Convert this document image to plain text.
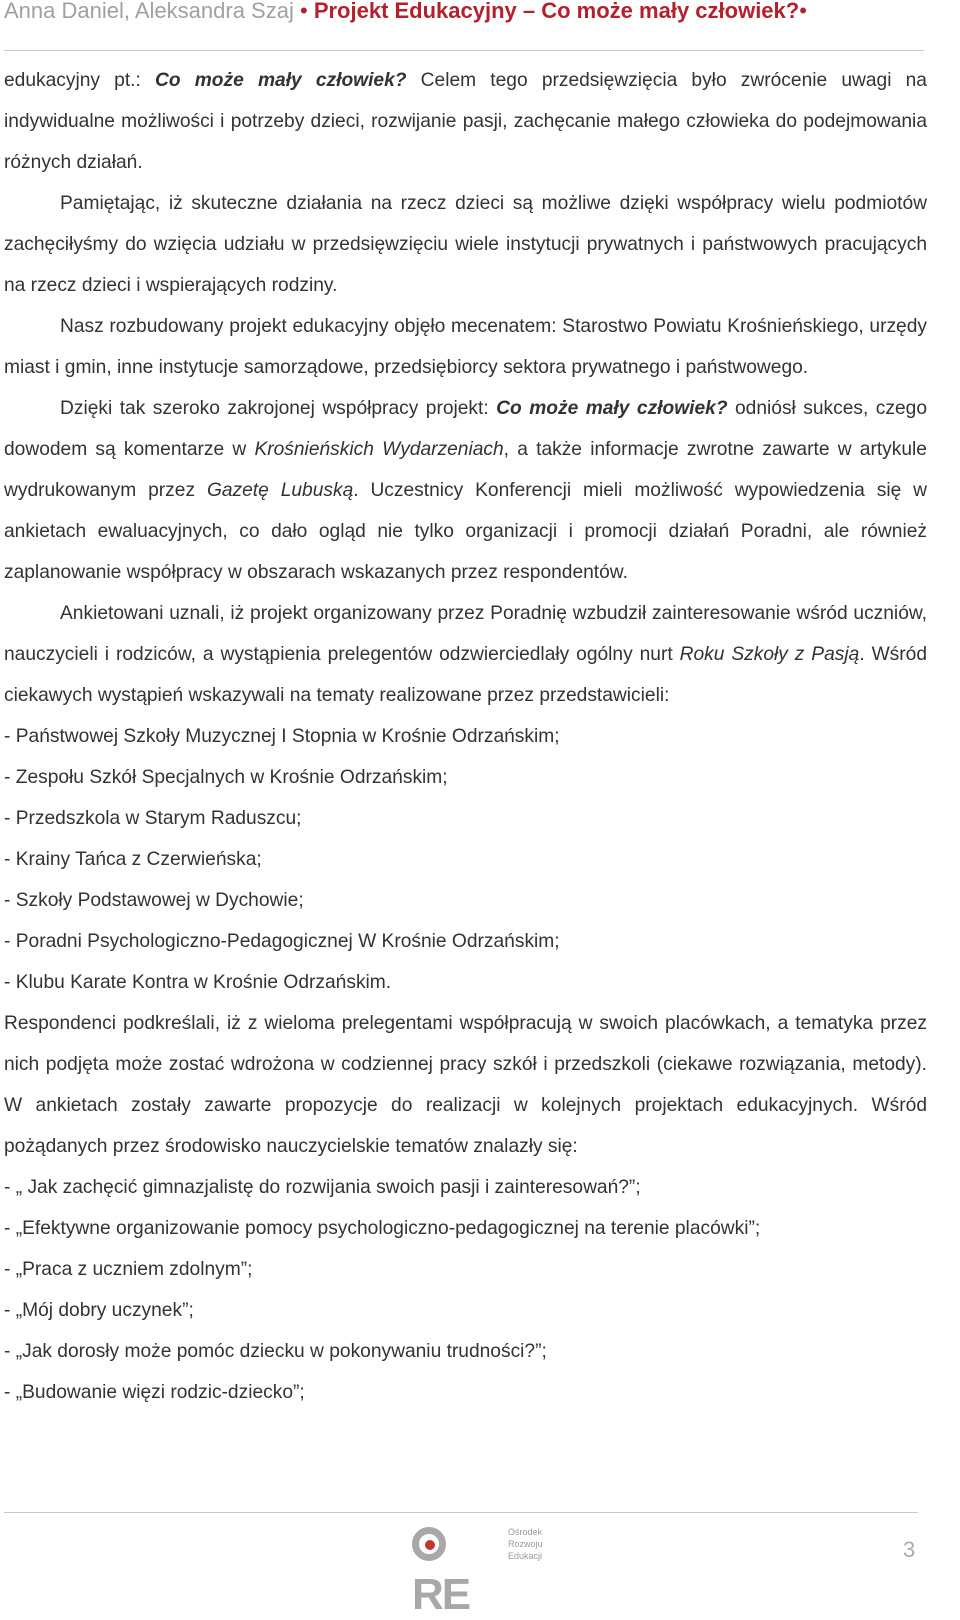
Anna Daniel, Aleksandra Szaj • Projekt Edukacyjny – Co może mały człowiek?•

edukacyjny pt.: Co może mały człowiek? Celem tego przedsięwzięcia było zwrócenie uwagi na indywidualne możliwości i potrzeby dzieci, rozwijanie pasji, zachęcanie małego człowieka do podejmowania różnych działań.

Pamiętając, iż skuteczne działania na rzecz dzieci są możliwe dzięki współpracy wielu podmiotów zachęciłyśmy do wzięcia udziału w przedsięwzięciu wiele instytucji prywatnych i państwowych pracujących na rzecz dzieci i wspierających rodziny.

Nasz rozbudowany projekt edukacyjny objęło mecenatem: Starostwo Powiatu Krośnieńskiego, urzędy miast i gmin, inne instytucje samorządowe, przedsiębiorcy sektora prywatnego i państwowego.

Dzięki tak szeroko zakrojonej współpracy projekt: Co może mały człowiek? odniósł sukces, czego dowodem są komentarze w Krośnieńskich Wydarzeniach, a także informacje zwrotne zawarte w artykule wydrukowanym przez Gazetę Lubuską. Uczestnicy Konferencji mieli możliwość wypowiedzenia się w ankietach ewaluacyjnych, co dało ogląd nie tylko organizacji i promocji działań Poradni, ale również zaplanowanie współpracy w obszarach wskazanych przez respondentów.

Ankietowani uznali, iż projekt organizowany przez Poradnię wzbudził zainteresowanie wśród uczniów, nauczycieli i rodziców, a wystąpienia prelegentów odzwierciedlały ogólny nurt Roku Szkoły z Pasją. Wśród ciekawych wystąpień wskazywali na tematy realizowane przez przedstawicieli:

- Państwowej Szkoły Muzycznej I Stopnia w Krośnie Odrzańskim;

- Zespołu Szkół Specjalnych w Krośnie Odrzańskim;

- Przedszkola w Starym Raduszcu;

- Krainy Tańca z Czerwieńska;

- Szkoły Podstawowej w Dychowie;

- Poradni Psychologiczno-Pedagogicznej W Krośnie Odrzańskim;

- Klubu Karate Kontra w Krośnie Odrzańskim.

Respondenci podkreślali, iż z wieloma prelegentami współpracują w swoich placówkach, a tematyka przez nich podjęta może zostać wdrożona w codziennej pracy szkół i przedszkoli (ciekawe rozwiązania, metody). W ankietach zostały zawarte propozycje do realizacji w kolejnych projektach edukacyjnych. Wśród pożądanych przez środowisko nauczycielskie tematów znalazły się:

- „ Jak zachęcić gimnazjalistę do rozwijania swoich pasji i zainteresowań?”;

- „Efektywne organizowanie pomocy psychologiczno-pedagogicznej na terenie placówki”;

- „Praca z uczniem zdolnym”;

- „Mój dobry uczynek”;

- „Jak dorosły może pomóc dziecku w pokonywaniu trudności?”;

- „Budowanie więzi rodzic-dziecko”;

RE
Ośrodek
Rozwoju
Edukacji	3
